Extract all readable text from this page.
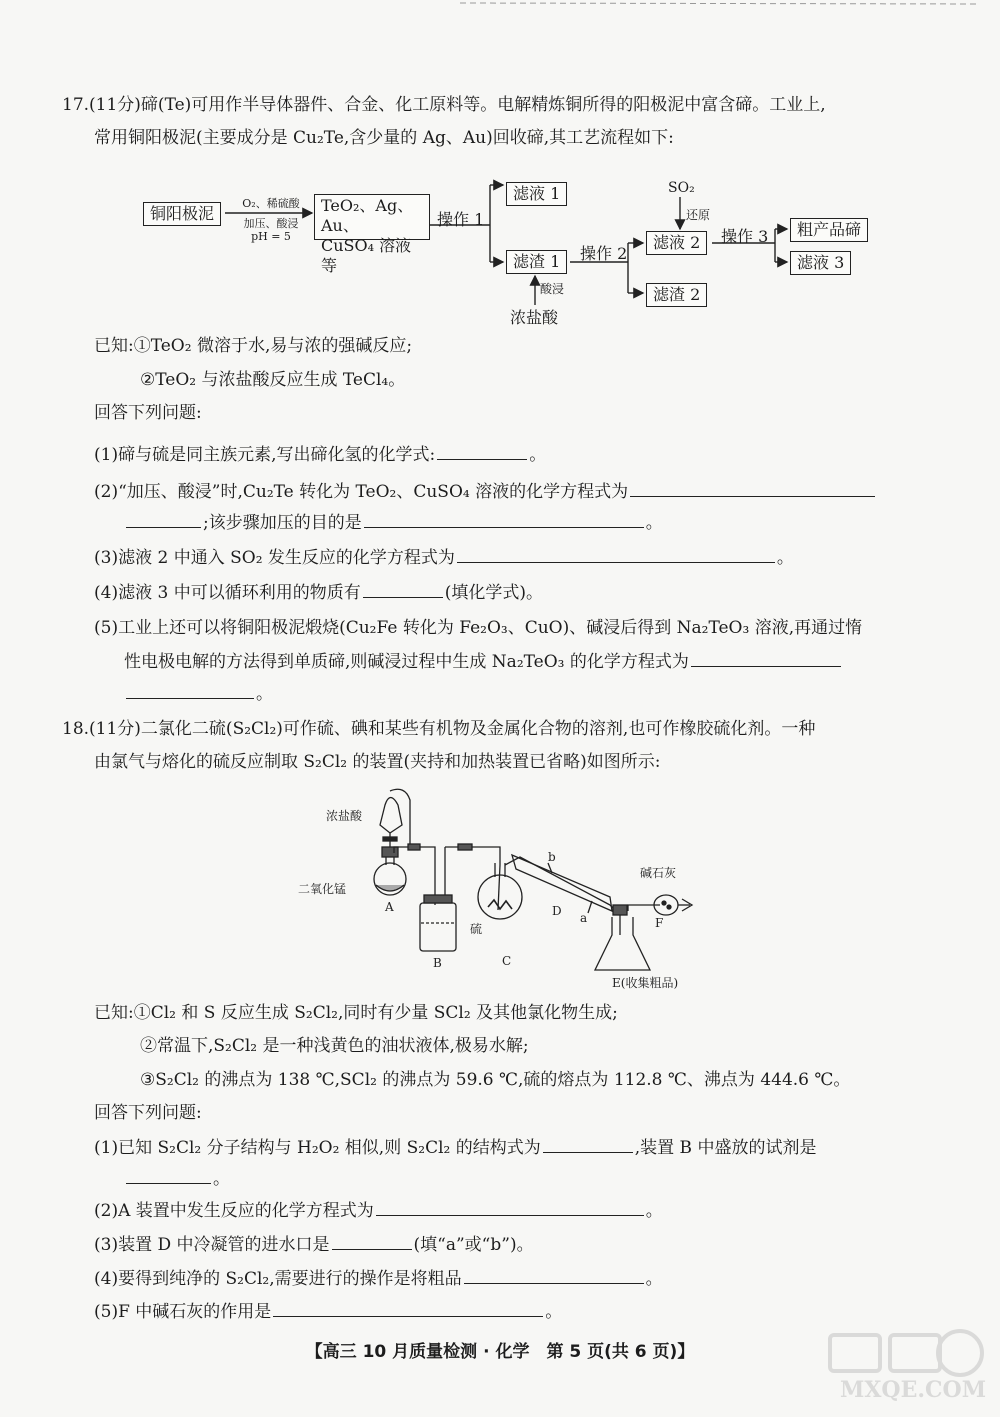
17.(11分)碲(Te)可用作半导体器件、合金、化工原料等。电解精炼铜所得的阳极泥中富含碲。工业上,
常用铜阳极泥(主要成分是 Cu₂Te,含少量的 Ag、Au)回收碲,其工艺流程如下:
铜阳极泥
O₂、稀硫酸
加压、酸浸
pH = 5
TeO₂、Ag、Au、
CuSO₄ 溶液等
操作 1
滤液 1
滤渣 1
酸浸
浓盐酸
操作 2
SO₂
还原
滤液 2
滤渣 2
操作 3	粗产品碲
滤液 3
已知:①TeO₂ 微溶于水,易与浓的强碱反应;
②TeO₂ 与浓盐酸反应生成 TeCl₄。
回答下列问题:
(1)碲与硫是同主族元素,写出碲化氢的化学式:	。
(2)“加压、酸浸”时,Cu₂Te 转化为 TeO₂、CuSO₄ 溶液的化学方程式为
;该步骤加压的目的是	。
(3)滤液 2 中通入 SO₂ 发生反应的化学方程式为	。
(4)滤液 3 中可以循环利用的物质有	(填化学式)。
(5)工业上还可以将铜阳极泥煅烧(Cu₂Fe 转化为 Fe₂O₃、CuO)、碱浸后得到 Na₂TeO₃ 溶液,再通过惰
性电极电解的方法得到单质碲,则碱浸过程中生成 Na₂TeO₃ 的化学方程式为
。
18.(11分)二氯化二硫(S₂Cl₂)可作硫、碘和某些有机物及金属化合物的溶剂,也可作橡胶硫化剂。一种
由氯气与熔化的硫反应制取 S₂Cl₂ 的装置(夹持和加热装置已省略)如图所示:
浓盐酸
二氧化锰
A
B
硫
C
D a
b
碱石灰
F
E(收集粗品)
已知:①Cl₂ 和 S 反应生成 S₂Cl₂,同时有少量 SCl₂ 及其他氯化物生成;
②常温下,S₂Cl₂ 是一种浅黄色的油状液体,极易水解;
③S₂Cl₂ 的沸点为 138 ℃,SCl₂ 的沸点为 59.6 ℃,硫的熔点为 112.8 ℃、沸点为 444.6 ℃。
回答下列问题:
(1)已知 S₂Cl₂ 分子结构与 H₂O₂ 相似,则 S₂Cl₂ 的结构式为	,装置 B 中盛放的试剂是
。
(2)A 装置中发生反应的化学方程式为	。
(3)装置 D 中冷凝管的进水口是	(填“a”或“b”)。
(4)要得到纯净的 S₂Cl₂,需要进行的操作是将粗品	。
(5)F 中碱石灰的作用是	。
【高三 10 月质量检测 · 化学　第 5 页(共 6 页)】
MXQE.COM
